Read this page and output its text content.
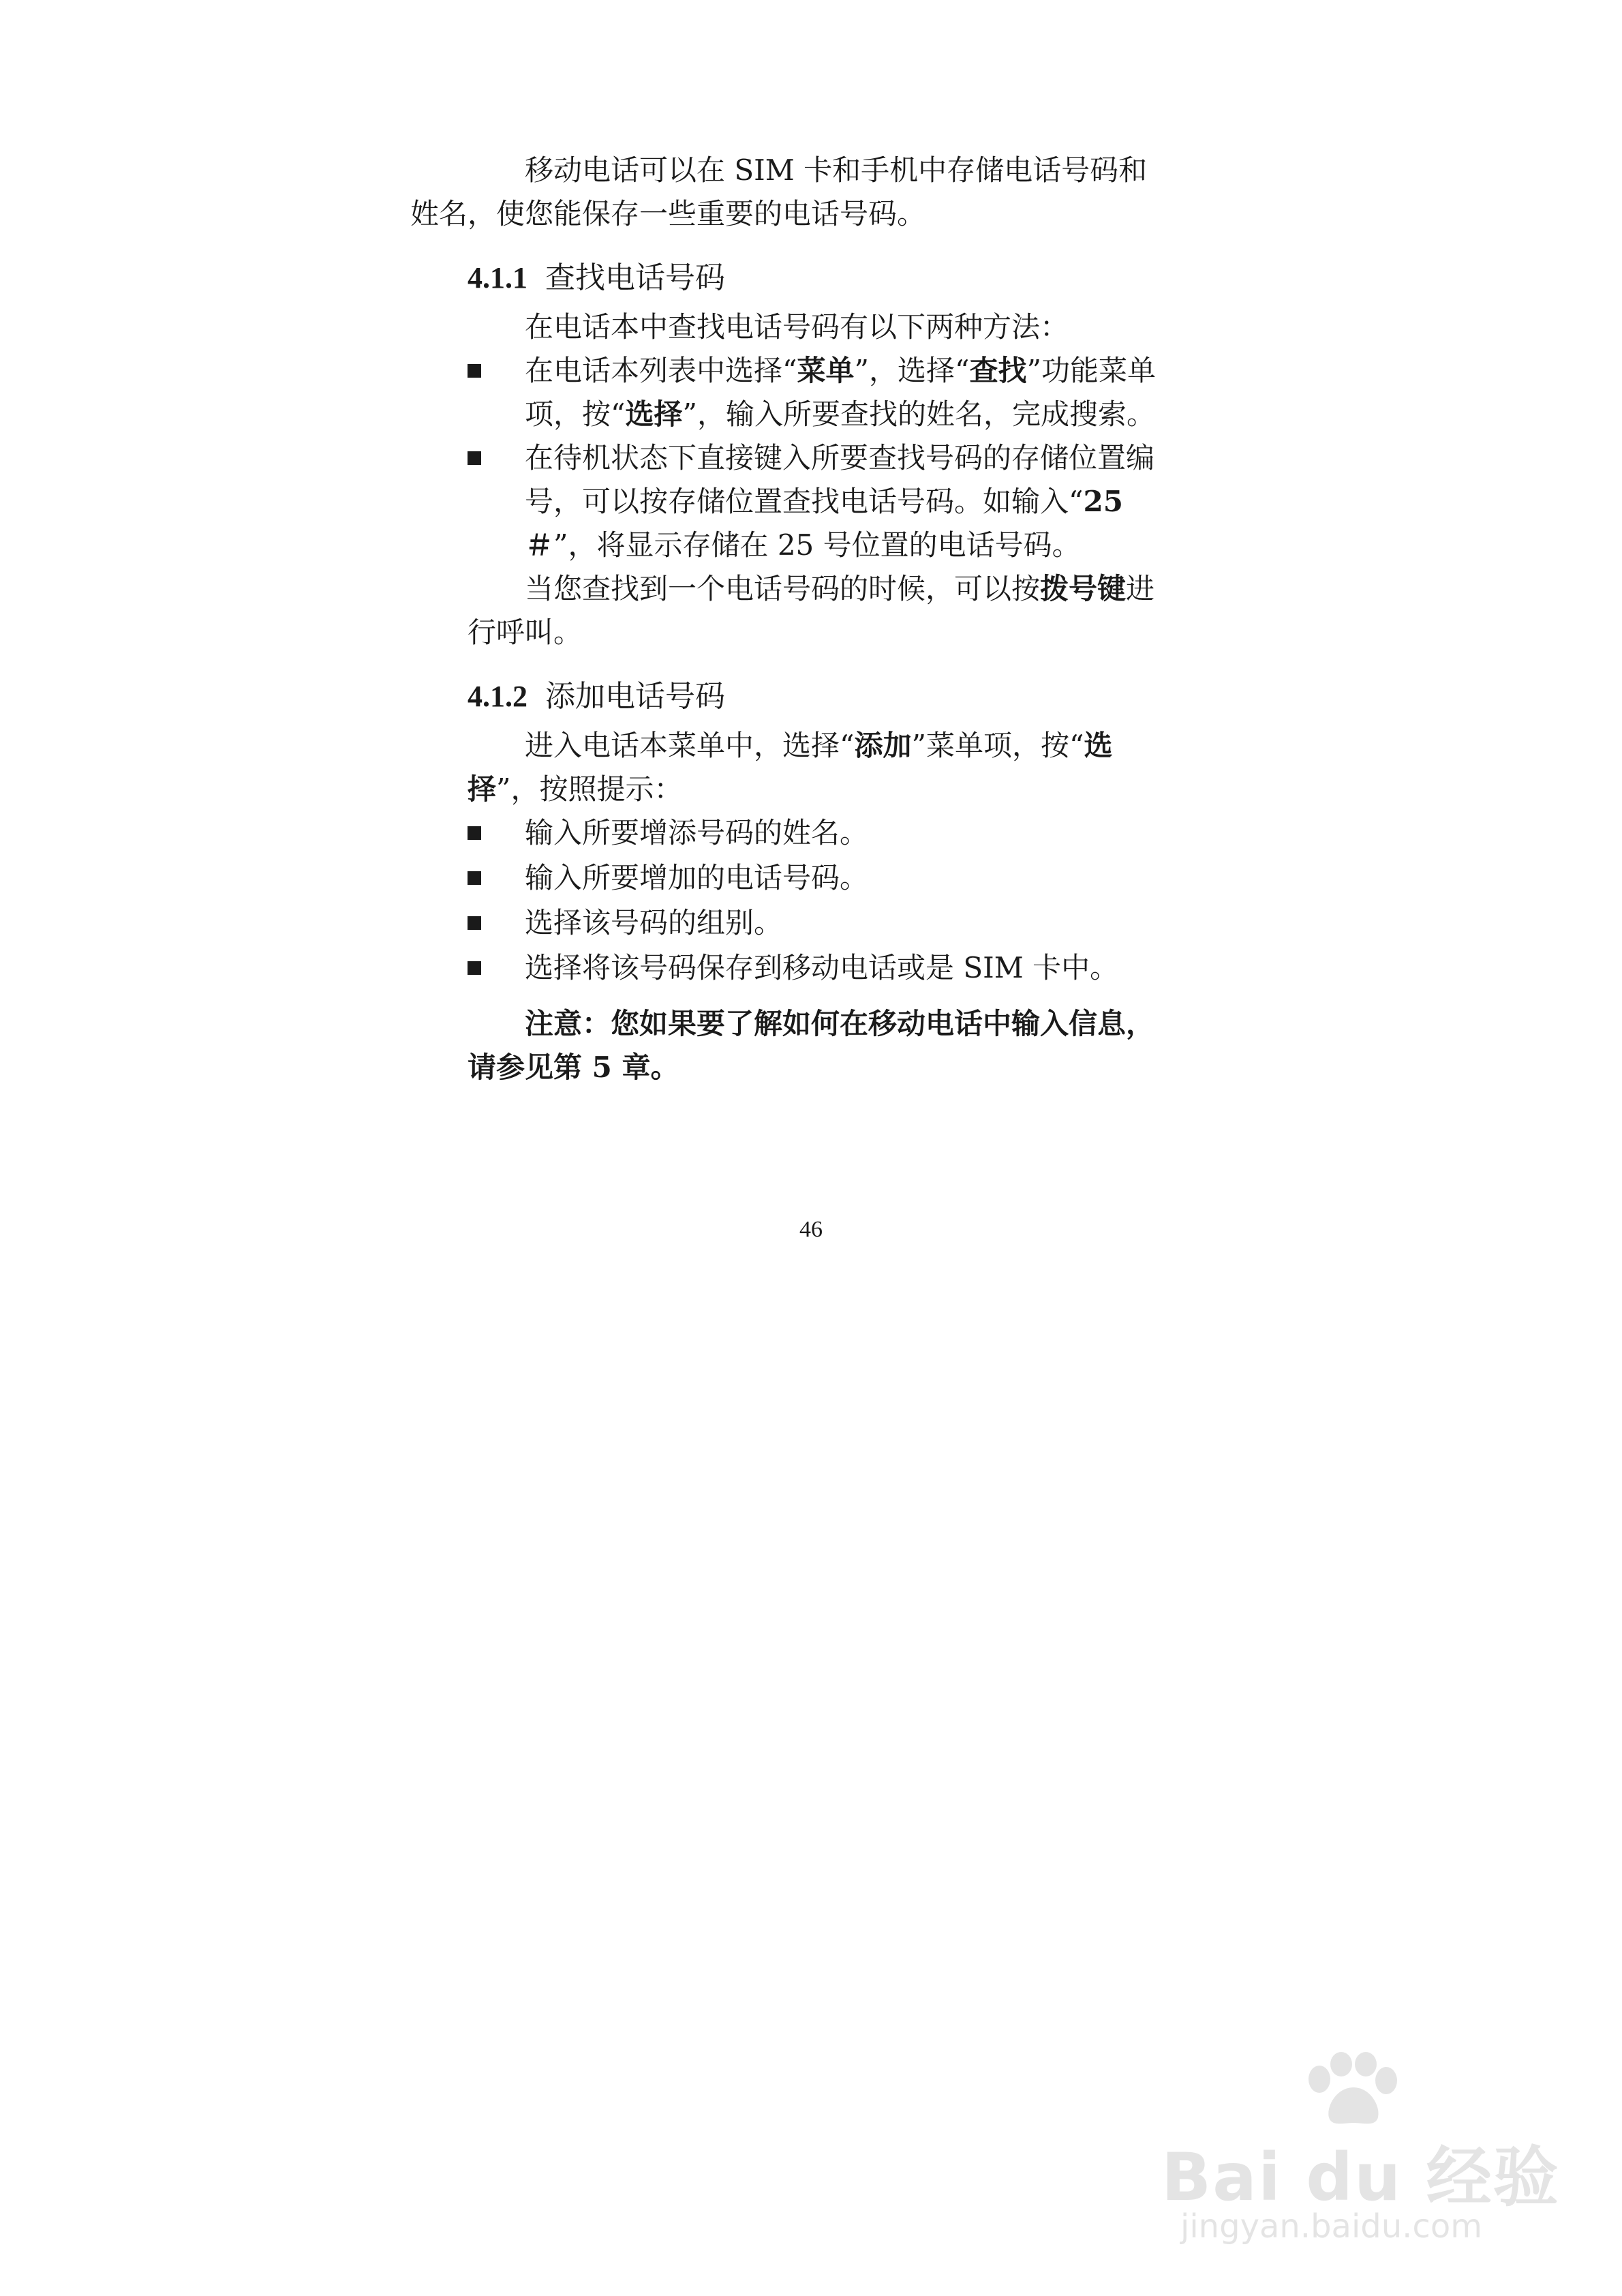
移动电话可以在 SIM 卡和手机中存储电话号码和
姓名，使您能保存一些重要的电话号码。

4.1.1 查找电话号码

在电话本中查找电话号码有以下两种方法：

在电话本列表中选择“菜单”，选择“查找”功能菜单项，按“选择”，输入所要查找的姓名，完成搜索。
在待机状态下直接键入所要查找号码的存储位置编号，可以按存储位置查找电话号码。如输入“25 ＃”，将显示存储在 25 号位置的电话号码。

当您查找到一个电话号码的时候，可以按拨号键进行呼叫。

4.1.2 添加电话号码

进入电话本菜单中，选择“添加”菜单项，按“选择”，按照提示：

输入所要增添号码的姓名。
输入所要增加的电话号码。
选择该号码的组别。
选择将该号码保存到移动电话或是 SIM 卡中。

注意：您如果要了解如何在移动电话中输入信息，请参见第 5 章。

46
Bai du 经验
jingyan.baidu.com
